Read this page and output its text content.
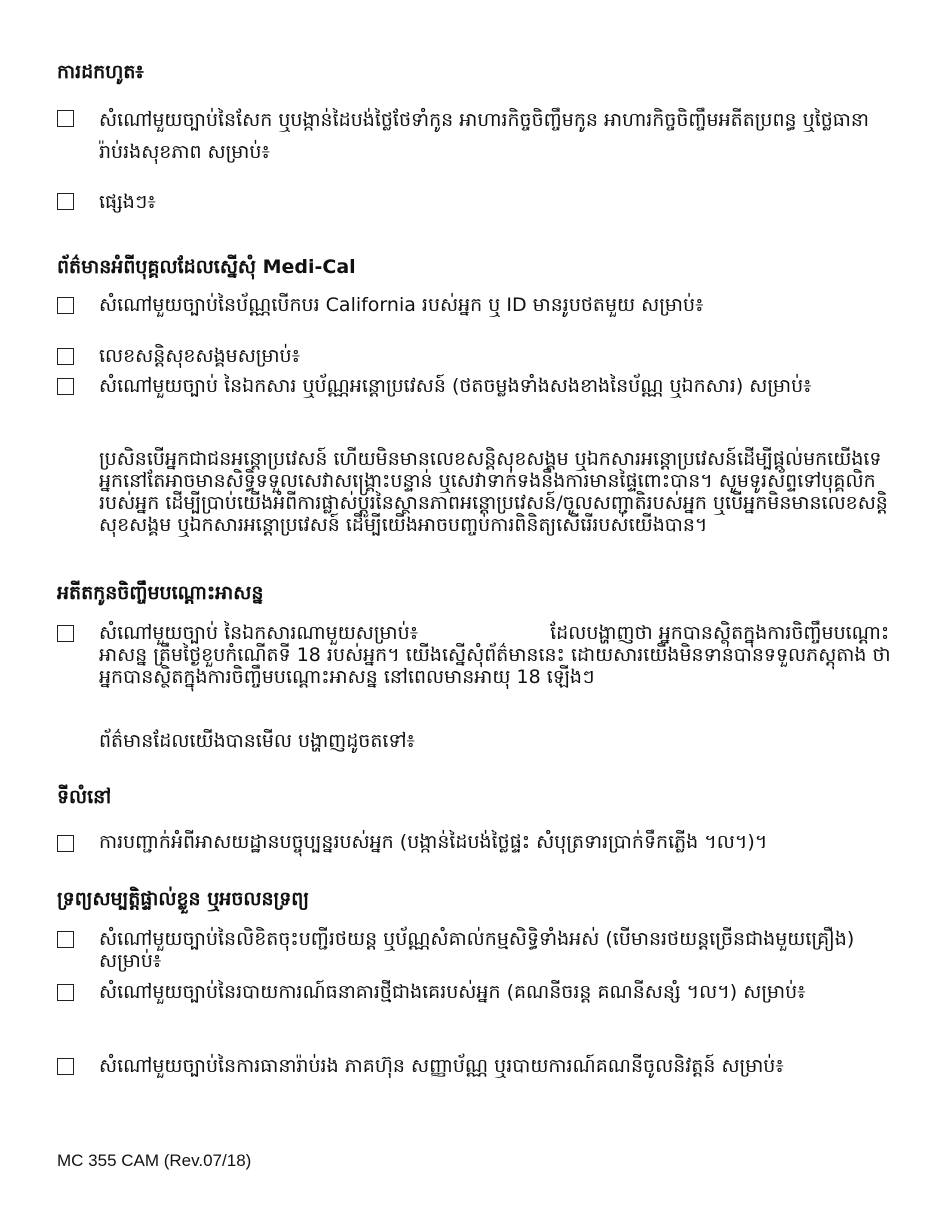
ការដកហូត៖
សំណៅមួយច្បាប់នៃសែក ឬបង្កាន់ដៃបង់ថ្លៃថែទាំកូន អាហារកិច្ចចិញ្ចឹមកូន អាហារកិច្ចចិញ្ចឹមអតីតប្រពន្ធ ឬថ្លៃធានារ៉ាប់រងសុខភាព សម្រាប់៖
ផ្សេងៗ៖
ព័ត៌មានអំពីបុគ្គលដែលស្នើសុំ Medi-Cal
សំណៅមួយច្បាប់នៃប័ណ្ណបើកបរ California របស់អ្នក ឬ ID មានរូបថតមួយ សម្រាប់៖
លេខសន្តិសុខសង្គមសម្រាប់៖
សំណៅមួយច្បាប់ នៃឯកសារ ឬប័ណ្ណអន្តោប្រវេសន៍ (ថតចម្លងទាំងសងខាងនៃប័ណ្ណ ឬឯកសារ) សម្រាប់៖
ប្រសិនបើអ្នកជាជនអន្តោប្រវេសន៍ ហើយមិនមានលេខសន្តិសុខសង្គម ឬឯកសារអន្តោប្រវេសន៍ដើម្បីផ្តល់មកយើងទេ អ្នកនៅតែអាចមានសិទ្ធិទទួលសេវាសង្គ្រោះបន្ទាន់ ឬសេវាទាក់ទងនឹងការមានផ្ទៃពោះបាន។ សូមទូរស័ព្ទទៅបុគ្គលិករបស់អ្នក ដើម្បីប្រាប់យើងអំពីការផ្លាស់ប្តូរនៃស្ថានភាពអន្តោប្រវេសន៍/ចូលសញ្ជាតិរបស់អ្នក ឬបើអ្នកមិនមានលេខសន្តិសុខសង្គម ឬឯកសារអន្តោប្រវេសន៍ ដើម្បីយើងអាចបញ្ចប់ការពិនិត្យសើរើរបស់យើងបាន។
អតីតកូនចិញ្ចឹមបណ្តោះអាសន្ន
សំណៅមួយច្បាប់ នៃឯកសារណាមួយសម្រាប់៖	ដែលបង្ហាញថា អ្នកបានស្ថិតក្នុងការចិញ្ចឹមបណ្តោះអាសន្ន ត្រឹមថ្ងៃខួបកំណើតទី 18 របស់អ្នក។ យើងស្នើសុំព័ត៌មាននេះ ដោយសារយើងមិនទាន់បានទទួលភស្តុតាង ថាអ្នកបានស្ថិតក្នុងការចិញ្ចឹមបណ្តោះអាសន្ន នៅពេលមានអាយុ 18 ឡើងៗ
ព័ត៌មានដែលយើងបានមើល បង្ហាញដូចតទៅ៖
ទីលំនៅ
ការបញ្ជាក់អំពីអាសយដ្ឋានបច្ចុប្បន្នរបស់អ្នក (បង្កាន់ដៃបង់ថ្លៃផ្ទះ សំបុត្រទារប្រាក់ទឹកភ្លើង ។ល។)។
ទ្រព្យសម្បត្តិផ្ទាល់ខ្លួន ឬអចលនទ្រព្យ
សំណៅមួយច្បាប់នៃលិខិតចុះបញ្ជីរថយន្ត ឬប័ណ្ណសំគាល់កម្មសិទ្ធិទាំងអស់ (បើមានរថយន្តច្រើនជាងមួយគ្រឿង) សម្រាប់៖
សំណៅមួយច្បាប់នៃរបាយការណ៍ធនាគារថ្មីជាងគេរបស់អ្នក (គណនីចរន្ត គណនីសន្សំ ។ល។) សម្រាប់៖
សំណៅមួយច្បាប់នៃការធានារ៉ាប់រង ភាគហ៊ុន សញ្ញាប័ណ្ណ ឬរបាយការណ៍គណនីចូលនិវត្តន៍ សម្រាប់៖
MC 355 CAM (Rev.07/18)
